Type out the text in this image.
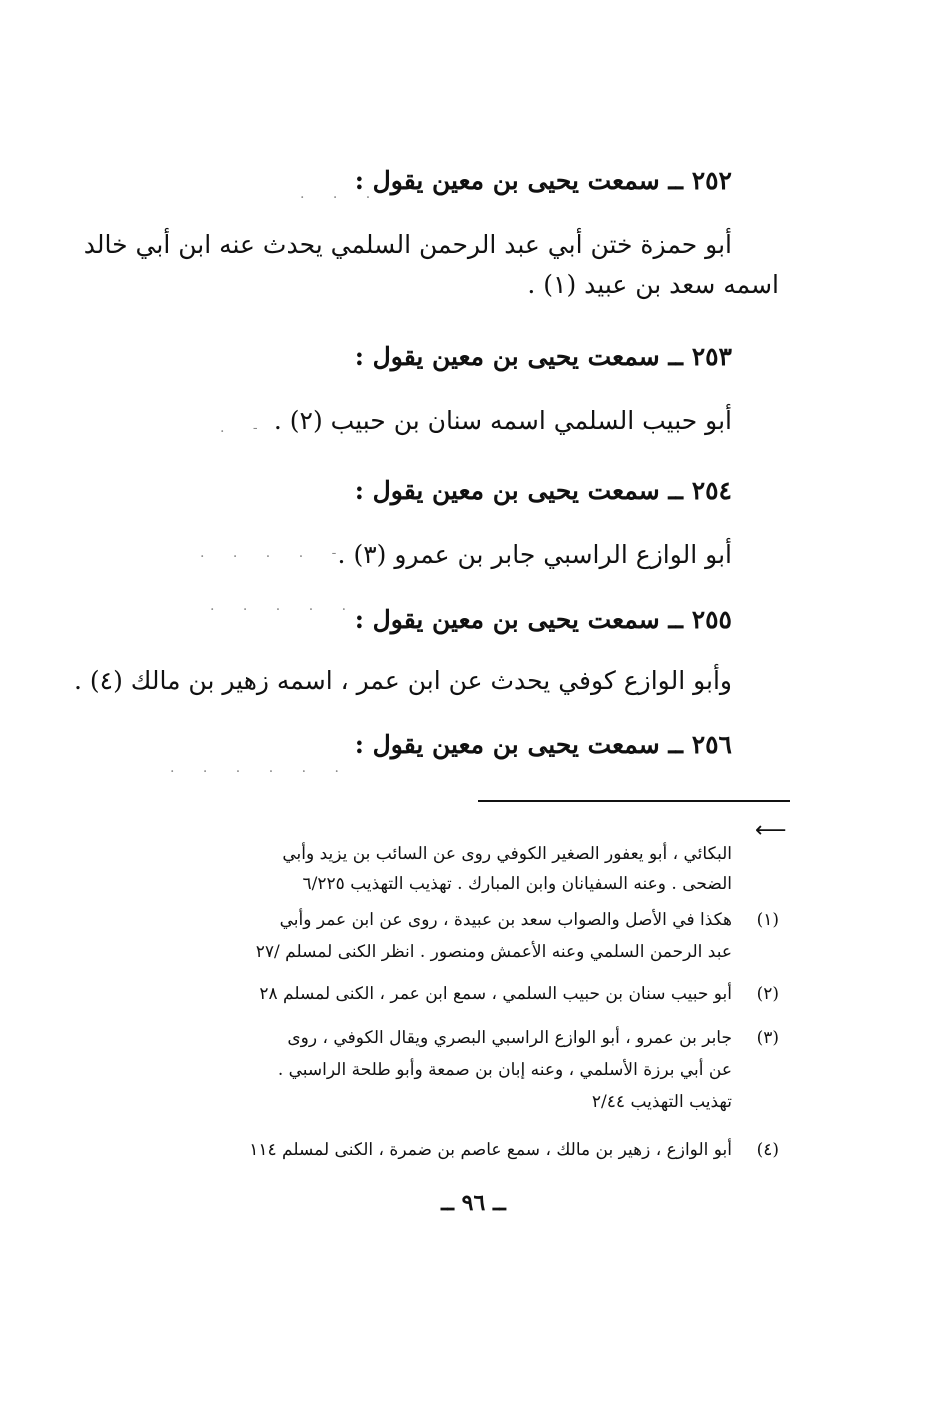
٢٥٢ ــ سمعت يحيى بن معين يقول :
أبو حمزة ختن أبي عبد الرحمن السلمي يحدث عنه ابن أبي خالد
اسمه سعد بن عبيد (١) .
٢٥٣ ــ سمعت يحيى بن معين يقول :
أبو حبيب السلمي اسمه سنان بن حبيب (٢) .
٢٥٤ ــ سمعت يحيى بن معين يقول :
أبو الوازع الراسبي جابر بن عمرو (٣) .
٢٥٥ ــ سمعت يحيى بن معين يقول :
وأبو الوازع كوفي يحدث عن ابن عمر ، اسمه زهير بن مالك (٤) .
٢٥٦ ــ سمعت يحيى بن معين يقول :
. . .
. -
. . . . -
. . . . .
. . . . . .
⟵
البكائي ، أبو يعفور الصغير الكوفي روى عن السائب بن يزيد وأبي
الضحى . وعنه السفيانان وابن المبارك . تهذيب التهذيب ٦/٢٢٥
(١)
هكذا في الأصل والصواب سعد بن عبيدة ، روى عن ابن عمر وأبي
عبد الرحمن السلمي وعنه الأعمش ومنصور . انظر الكنى لمسلم /٢٧
(٢)
أبو حبيب سنان بن حبيب السلمي ، سمع ابن عمر ، الكنى لمسلم ٢٨
(٣)
جابر بن عمرو ، أبو الوازع الراسبي البصري ويقال الكوفي ، روى
عن أبي برزة الأسلمي ، وعنه إبان بن صمعة وأبو طلحة الراسبي .
تهذيب التهذيب ٢/٤٤
(٤)
أبو الوازع ، زهير بن مالك ، سمع عاصم بن ضمرة ، الكنى لمسلم ١١٤
ــ ٩٦ ــ
